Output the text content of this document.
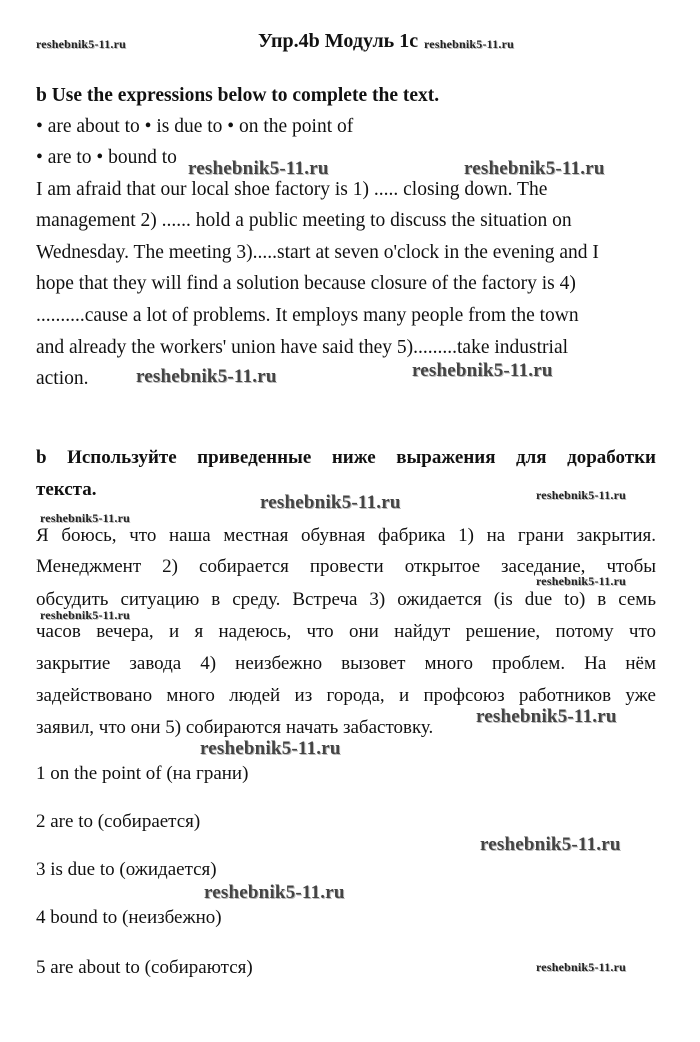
reshebnik5-11.ru	Упр.4b Модуль 1c reshebnik5-11.ru
b Use the expressions below to complete the text.
• are about to • is due to • on the point of
• are to • bound to
I am afraid that our local shoe factory is 1) ..... closing down. The
management 2) ...... hold a public meeting to discuss the situation on
Wednesday. The meeting 3).....start at seven o'clock in the evening and I
hope that they will find a solution because closure of the factory is 4)
..........cause a lot of problems. It employs many people from the town
and already the workers' union have said they 5).........take industrial
action.
reshebnik5-11.ru	reshebnik5-11.ru
reshebnik5-11.ru	reshebnik5-11.ru
b Используйте приведенные ниже выражения для доработки
текста.
Я боюсь, что наша местная обувная фабрика 1) на грани закрытия.
Менеджмент 2) собирается провести открытое заседание, чтобы
обсудить ситуацию в среду. Встреча 3) ожидается (is due to) в семь
часов вечера, и я надеюсь, что они найдут решение, потому что
закрытие завода 4) неизбежно вызовет много проблем. На нём
задействовано много людей из города, и профсоюз работников уже
заявил, что они 5) собираются начать забастовку.
reshebnik5-11.ru	reshebnik5-11.ru
reshebnik5-11.ru
reshebnik5-11.ru
reshebnik5-11.ru
reshebnik5-11.ru
reshebnik5-11.ru
1 on the point of (на грани)
2 are to (собирается)
3 is due to (ожидается)
4 bound to (неизбежно)
5 are about to (собираются)
reshebnik5-11.ru
reshebnik5-11.ru
reshebnik5-11.ru
